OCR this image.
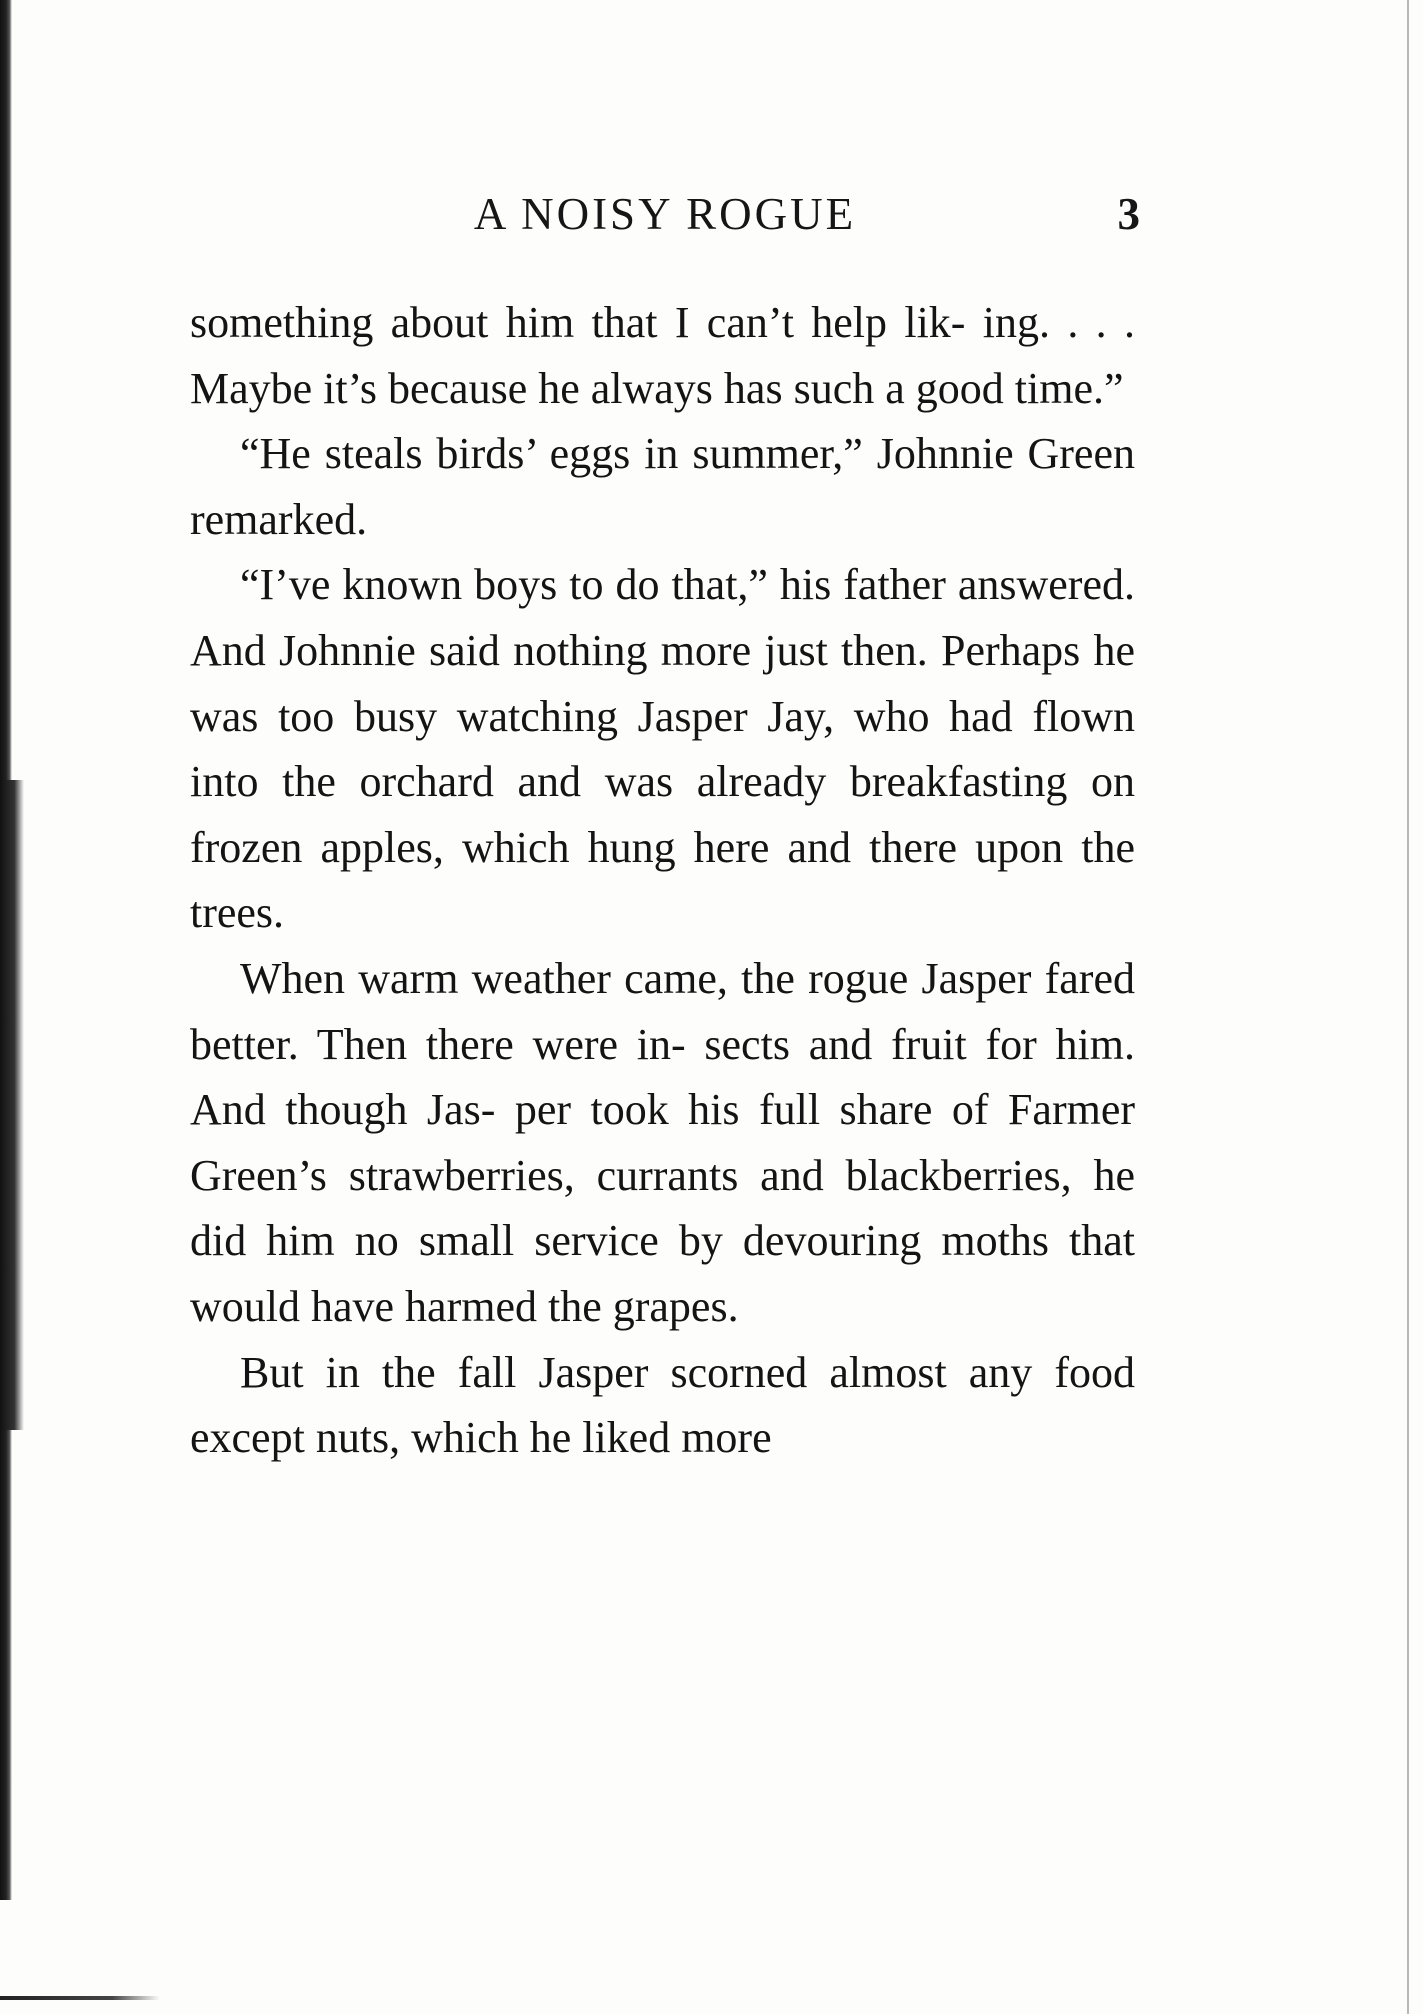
A NOISY ROGUE	3

something about him that I can’t help lik- ing. . . . Maybe it’s because he always has such a good time.”

“He steals birds’ eggs in summer,” Johnnie Green remarked.

“I’ve known boys to do that,” his father answered. And Johnnie said nothing more just then. Perhaps he was too busy watching Jasper Jay, who had flown into the orchard and was already breakfasting on frozen apples, which hung here and there upon the trees.

When warm weather came, the rogue Jasper fared better. Then there were in- sects and fruit for him. And though Jas- per took his full share of Farmer Green’s strawberries, currants and blackberries, he did him no small service by devouring moths that would have harmed the grapes.

But in the fall Jasper scorned almost any food except nuts, which he liked more
